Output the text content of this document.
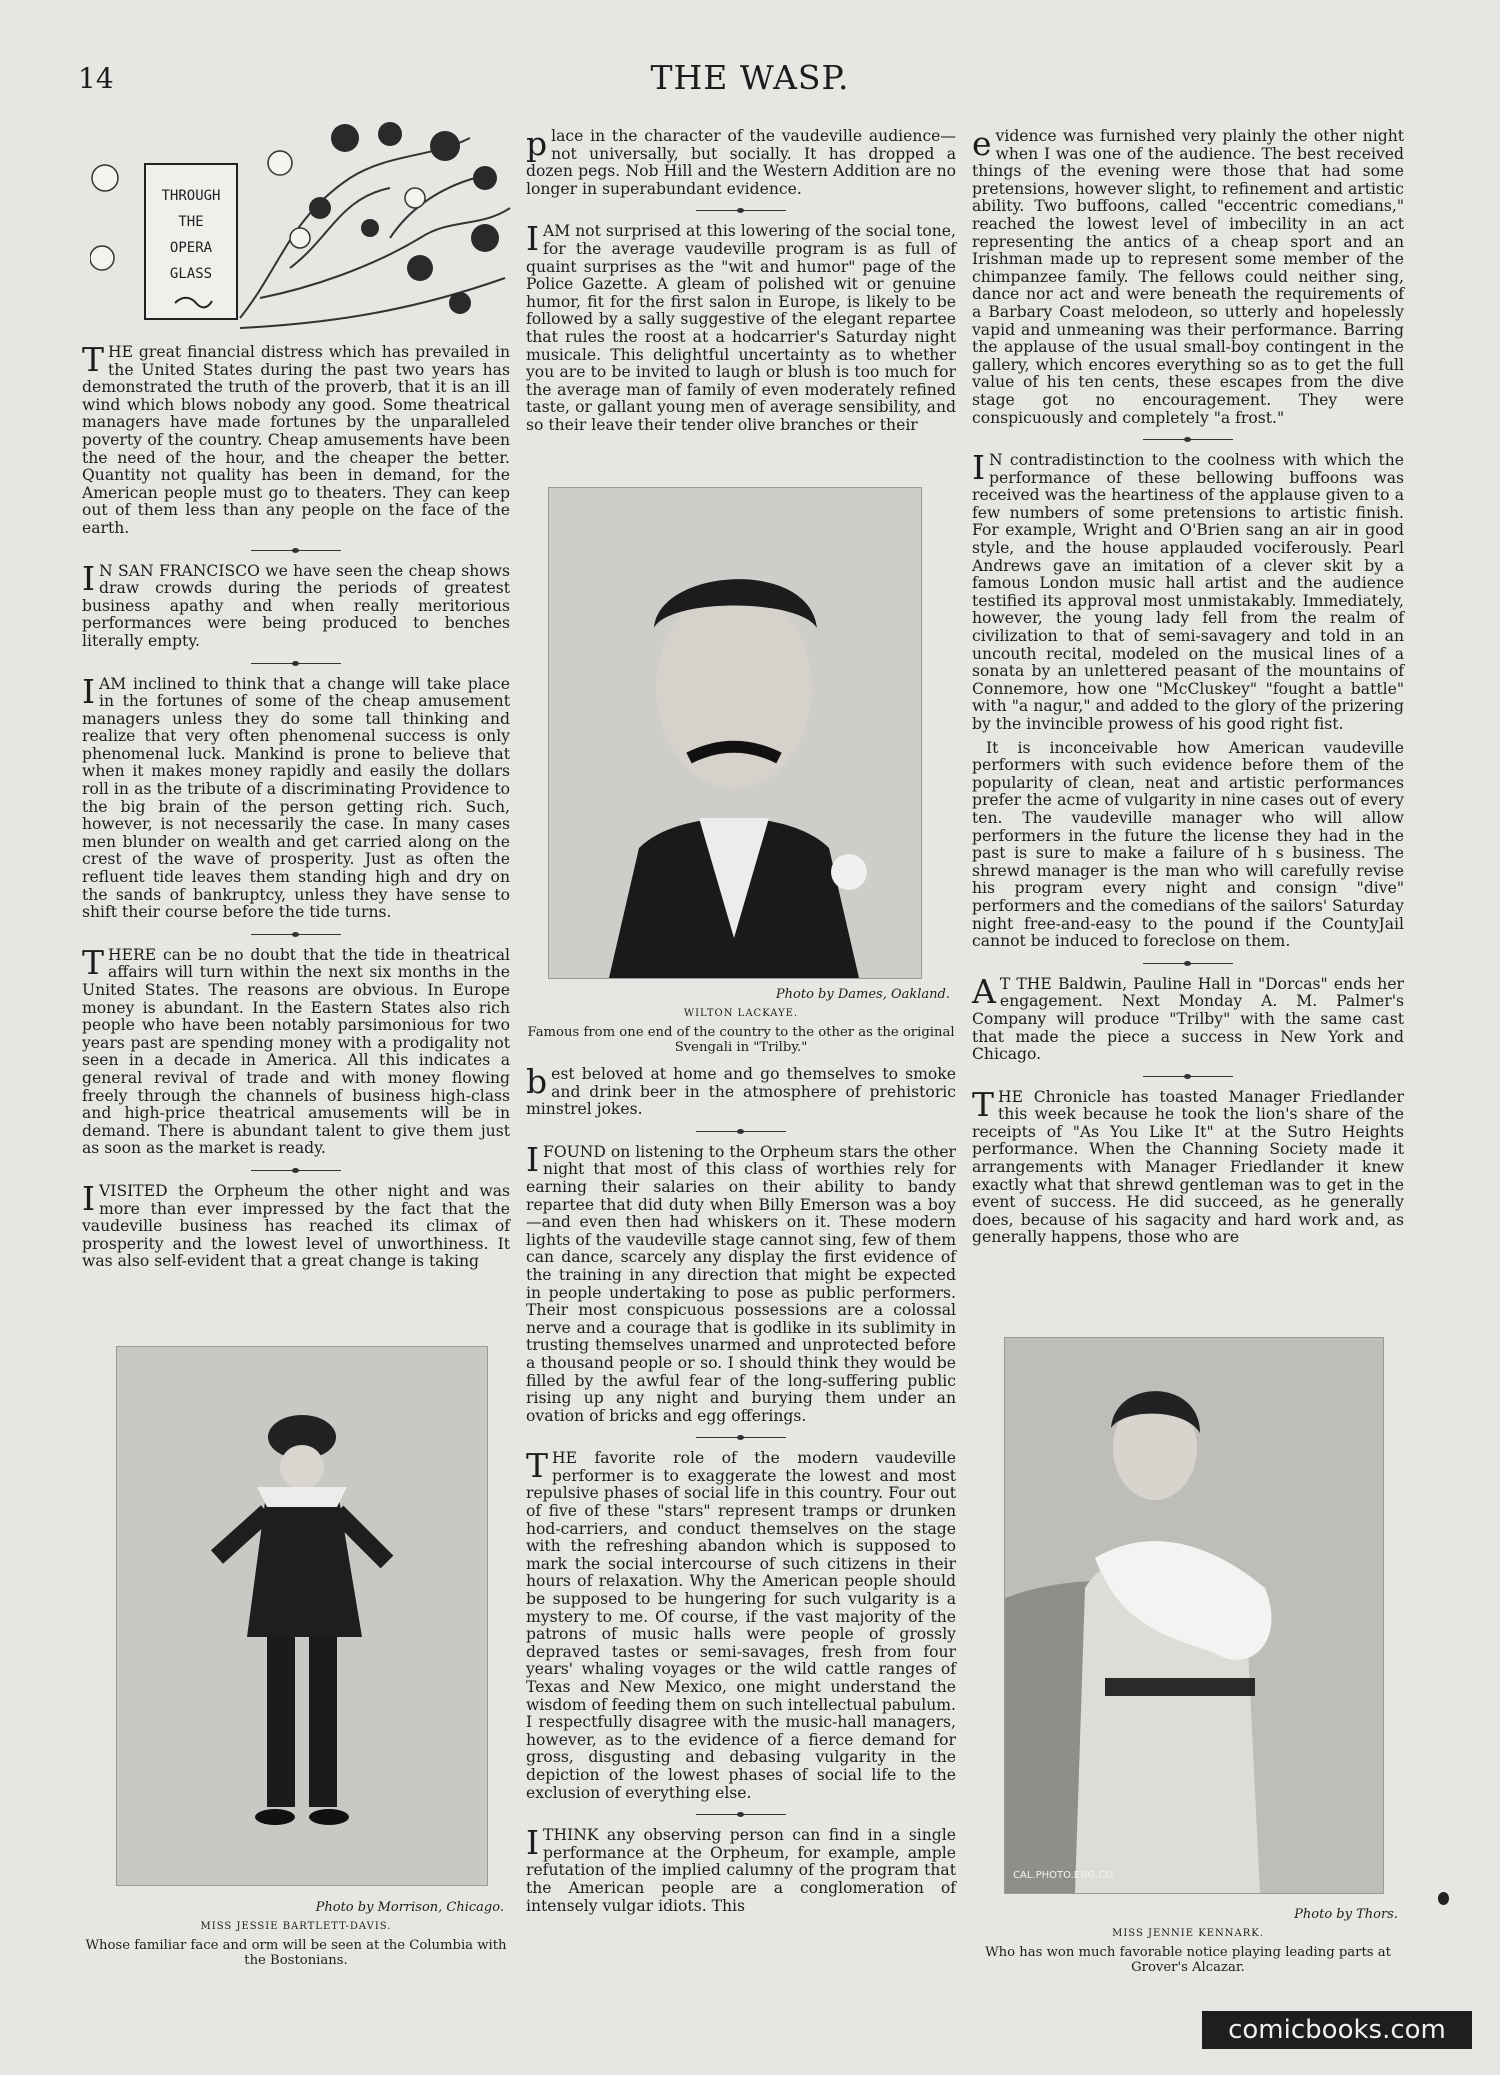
14	THE WASP.
THROUGH
THE
OPERA
GLASS

THE great financial distress which has prevailed in the United States during the past two years has demonstrated the truth of the proverb, that it is an ill wind which blows nobody any good. Some theatrical managers have made fortunes by the unparalleled poverty of the country. Cheap amusements have been the need of the hour, and the cheaper the better. Quantity not quality has been in demand, for the American people must go to theaters. They can keep out of them less than any people on the face of the earth.

IN SAN FRANCISCO we have seen the cheap shows draw crowds during the periods of greatest business apathy and when really meritorious performances were being produced to benches literally empty.

IAM inclined to think that a change will take place in the fortunes of some of the cheap amusement managers unless they do some tall thinking and realize that very often phenomenal success is only phenomenal luck. Mankind is prone to believe that when it makes money rapidly and easily the dollars roll in as the tribute of a discriminating Providence to the big brain of the person getting rich. Such, however, is not necessarily the case. In many cases men blunder on wealth and get carried along on the crest of the wave of prosperity. Just as often the refluent tide leaves them standing high and dry on the sands of bankruptcy, unless they have sense to shift their course before the tide turns.

THERE can be no doubt that the tide in theatrical affairs will turn within the next six months in the United States. The reasons are obvious. In Europe money is abundant. In the Eastern States also rich people who have been notably parsimonious for two years past are spending money with a prodigality not seen in a decade in America. All this indicates a general revival of trade and with money flowing freely through the channels of business high-class and high-price theatrical amusements will be in demand. There is abundant talent to give them just as soon as the market is ready.

IVISITED the Orpheum the other night and was more than ever impressed by the fact that the vaudeville business has reached its climax of prosperity and the lowest level of unworthiness. It was also self-evident that a great change is taking

Photo by Morrison, Chicago.
MISS JESSIE BARTLETT-DAVIS.
Whose familiar face and orm will be seen at the Columbia with the Bostonians.

place in the character of the vaudeville audience—not universally, but socially. It has dropped a dozen pegs. Nob Hill and the Western Addition are no longer in superabundant evidence.

IAM not surprised at this lowering of the social tone, for the average vaudeville program is as full of quaint surprises as the "wit and humor" page of the Police Gazette. A gleam of polished wit or genuine humor, fit for the first salon in Europe, is likely to be followed by a sally suggestive of the elegant repartee that rules the roost at a hodcarrier's Saturday night musicale. This delightful uncertainty as to whether you are to be invited to laugh or blush is too much for the average man of family of even moderately refined taste, or gallant young men of average sensibility, and so their leave their tender olive branches or their

Photo by Dames, Oakland.
WILTON LACKAYE.
Famous from one end of the country to the other as the original Svengali in "Trilby."

best beloved at home and go themselves to smoke and drink beer in the atmosphere of prehistoric minstrel jokes.

IFOUND on listening to the Orpheum stars the other night that most of this class of worthies rely for earning their salaries on their ability to bandy repartee that did duty when Billy Emerson was a boy—and even then had whiskers on it. These modern lights of the vaudeville stage cannot sing, few of them can dance, scarcely any display the first evidence of the training in any direction that might be expected in people undertaking to pose as public performers. Their most conspicuous possessions are a colossal nerve and a courage that is godlike in its sublimity in trusting themselves unarmed and unprotected before a thousand people or so. I should think they would be filled by the awful fear of the long-suffering public rising up any night and burying them under an ovation of bricks and egg offerings.

THE favorite role of the modern vaudeville performer is to exaggerate the lowest and most repulsive phases of social life in this country. Four out of five of these "stars" represent tramps or drunken hod-carriers, and conduct themselves on the stage with the refreshing abandon which is supposed to mark the social intercourse of such citizens in their hours of relaxation. Why the American people should be supposed to be hungering for such vulgarity is a mystery to me. Of course, if the vast majority of the patrons of music halls were people of grossly depraved tastes or semi-savages, fresh from four years' whaling voyages or the wild cattle ranges of Texas and New Mexico, one might understand the wisdom of feeding them on such intellectual pabulum. I respectfully disagree with the music-hall managers, however, as to the evidence of a fierce demand for gross, disgusting and debasing vulgarity in the depiction of the lowest phases of social life to the exclusion of everything else.

ITHINK any observing person can find in a single performance at the Orpheum, for example, ample refutation of the implied calumny of the program that the American people are a conglomeration of intensely vulgar idiots. This

evidence was furnished very plainly the other night when I was one of the audience. The best received things of the evening were those that had some pretensions, however slight, to refinement and artistic ability. Two buffoons, called "eccentric comedians," reached the lowest level of imbecility in an act representing the antics of a cheap sport and an Irishman made up to represent some member of the chimpanzee family. The fellows could neither sing, dance nor act and were beneath the requirements of a Barbary Coast melodeon, so utterly and hopelessly vapid and unmeaning was their performance. Barring the applause of the usual small-boy contingent in the gallery, which encores everything so as to get the full value of his ten cents, these escapes from the dive stage got no encouragement. They were conspicuously and completely "a frost."

IN contradistinction to the coolness with which the performance of these bellowing buffoons was received was the heartiness of the applause given to a few numbers of some pretensions to artistic finish. For example, Wright and O'Brien sang an air in good style, and the house applauded vociferously. Pearl Andrews gave an imitation of a clever skit by a famous London music hall artist and the audience testified its approval most unmistakably. Immediately, however, the young lady fell from the realm of civilization to that of semi-savagery and told in an uncouth recital, modeled on the musical lines of a sonata by an unlettered peasant of the mountains of Connemore, how one "McCluskey" "fought a battle" with "a nagur," and added to the glory of the prizering by the invincible prowess of his good right fist.

It is inconceivable how American vaudeville performers with such evidence before them of the popularity of clean, neat and artistic performances prefer the acme of vulgarity in nine cases out of every ten. The vaudeville manager who will allow performers in the future the license they had in the past is sure to make a failure of h s business. The shrewd manager is the man who will carefully revise his program every night and consign "dive" performers and the comedians of the sailors' Saturday night free-and-easy to the pound if the CountyJail cannot be induced to foreclose on them.

AT THE Baldwin, Pauline Hall in "Dorcas" ends her engagement. Next Monday A. M. Palmer's Company will produce "Trilby" with the same cast that made the piece a success in New York and Chicago.

THE Chronicle has toasted Manager Friedlander this week because he took the lion's share of the receipts of "As You Like It" at the Sutro Heights performance. When the Channing Society made it arrangements with Manager Friedlander it knew exactly what that shrewd gentleman was to get in the event of success. He did succeed, as he generally does, because of his sagacity and hard work and, as generally happens, those who are

CAL.PHOTO.ENG.CO.
Photo by Thors.
MISS JENNIE KENNARK.
Who has won much favorable notice playing leading parts at Grover's Alcazar.
comicbooks.com
